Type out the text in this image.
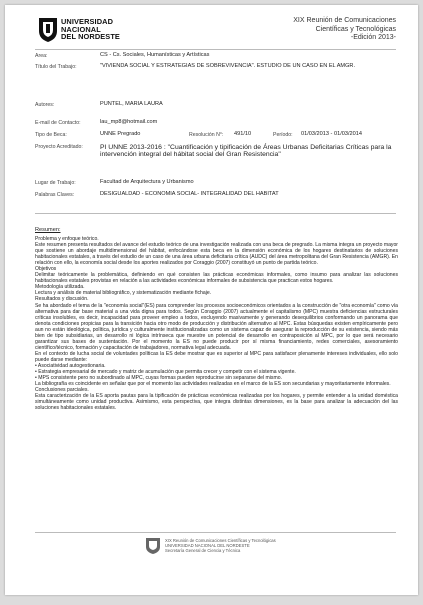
UNIVERSIDAD
NACIONAL
DEL NORDESTE
XIX Reunión de Comunicaciones
Científicas y Tecnológicas
-Edición 2013-
Area:	CS - Cs. Sociales, Humanísticas y Artísticas
Título del Trabajo:	"VIVIENDA SOCIAL Y ESTRATEGIAS DE SOBREVIVENCIA". ESTUDIO DE UN CASO EN EL AMGR.
Autores:	PUNTEL, MARIA LAURA
E-mail de Contacto:	lau_mp8@hotmail.com
Tipo de Beca:	UNNE Pregrado	Resolución N°: 491/10	Período: 01/03/2013 - 01/03/2014
Proyecto Acreditado:	PI UNNE 2013-2016 : "Cuantificación y tipificación de Áreas Urbanas Deficitarias Críticas para la intervención integral del hábitat social del Gran Resistencia"
Lugar de Trabajo:	Facultad de Arquitectura y Urbanismo
Palabras Claves:	DESIGUALDAD - ECONOMIA SOCIAL- INTEGRALIDAD DEL HABITAT
Resumen:

Problema y enfoque teórico.

Este resumen presenta resultados del avance del estudio teórico de una investigación realizada con una beca de pregrado. La misma integra un proyecto mayor que sostiene un abordaje multidimensional del hábitat, enfocándose esta beca en la dimensión económica de los hogares destinatarios de soluciones habitacionales estatales, a través del estudio de un caso de una área urbana deficitaria crítica (AUDC) del área metropolitana del Gran Resistencia (AMGR). En relación con ello, la economía social desde los aportes realizados por Coraggio (2007) constituyó un punto de partida teórico.

Objetivos

Delimitar teóricamente la problemática, definiendo en qué consisten las prácticas económicas informales, como insumo para analizar las soluciones habitacionales estatales provistas en relación a las actividades económicas informales de subsistencia que practican estos hogares.

Metodología utilizada.

Lectura y análisis de material bibliográfico, y sistematización mediante fichaje.

Resultados y discusión.

Se ha abordado el tema de la "economía social"(ES) para comprender los procesos socioeconómicos orientados a la construcción de "otra economía" como vía alternativa para dar base material a una vida digna para todos. Según Coraggio (2007) actualmente el capitalismo (MPC) muestra deficiencias estructurales críticas insolubles, es decir, incapacidad para proveer empleo a todos, excluyendo masivamente y generando desequilibrios conformando un panorama que denota condiciones propicias para la transición hacia otro modo de producción y distribución alternativo al MPC. Estas búsquedas existen empíricamente pero aun no están ideológica, política, jurídica y culturalmente institucionalizadas como un sistema capaz de asegurar la reproducción de su existencia, siendo más bien de tipo subsidiarias, un desarrollo ni lógica intrínseca que muestre un potencial de desarrollo en contraposición al MPC, por lo que será necesario garantizar sus bases de sustentación. Por el momento la ES no puede producir por sí misma financiamiento, redes comerciales, asesoramiento científico/técnico, formación y capacitación de trabajadores, normativa legal adecuada.

En el contexto de lucha social de voluntades políticas la ES debe mostrar que es superior al MPC para satisfacer plenamente intereses individuales, ello solo puede darse mediante:

• Asociatividad autogestionaria.

• Estrategia empresarial de mercado y matriz de acumulación que permita crecer y competir con el sistema vigente.

• MPS consistente pero no subordinado al MPC, cuyas formas pueden reproducirse sin separarse del mismo.

La bibliografía es coincidente en señalar que por el momento las actividades realizadas en el marco de la ES son secundarias y mayoritariamente informales.

Conclusiones parciales.

Esta caracterización de la ES aporta pautas para la tipificación de prácticas económicas realizadas por los hogares, y permite entender a la unidad doméstica simultáneamente como unidad productiva. Asimismo, esta perspectiva, que integra distintas dimensiones, es la base para analizar la adecuación del las soluciones habitacionales estatales.

XIX Reunión de Comunicaciones Científicas y Tecnológicas
UNIVERSIDAD NACIONAL DEL NORDESTE
Secretaría General de Ciencia y Técnica
